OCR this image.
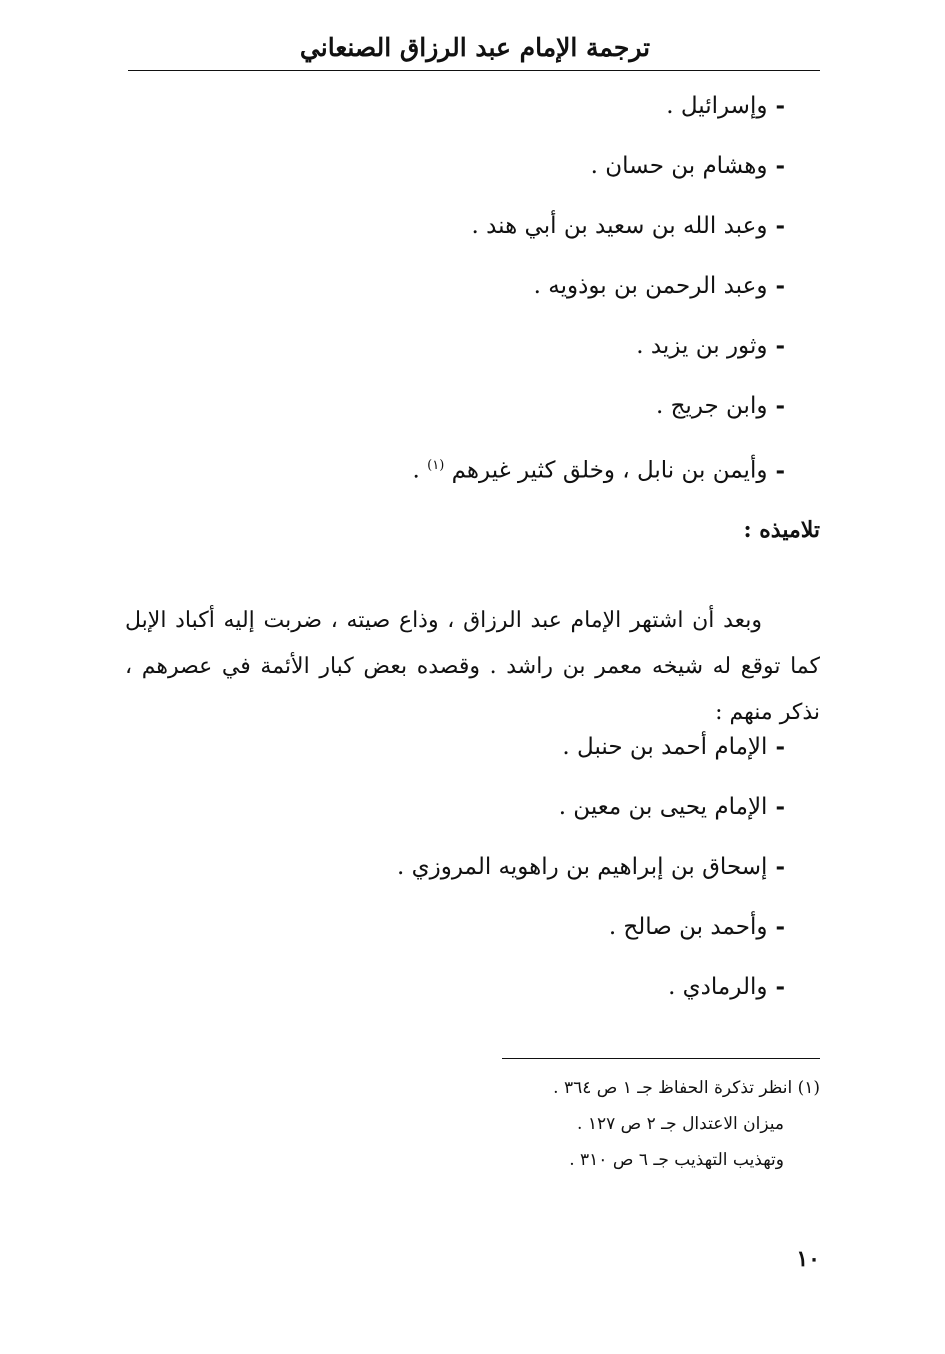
ترجمة الإمام عبد الرزاق الصنعاني
-وإسرائيل .
-وهشام بن حسان .
-وعبد الله بن سعيد بن أبي هند .
-وعبد الرحمن بن بوذويه .
-وثور بن يزيد .
-وابن جريج .
-وأيمن بن نابل ، وخلق كثير غيرهم $^{(١)}$ .
تلاميذه :

وبعد أن اشتهر الإمام عبد الرزاق ، وذاع صيته ، ضربت إليه أكباد الإبل كما توقع له شيخه معمر بن راشد . وقصده بعض كبار الأئمة في عصرهم ، نذكر منهم :

-الإمام أحمد بن حنبل .
-الإمام يحيى بن معين .
-إسحاق بن إبراهيم بن راهويه المروزي .
-وأحمد بن صالح .
-والرمادي .
(١) انظر تذكرة الحفاظ جـ ١ ص ٣٦٤ .
ميزان الاعتدال جـ ٢ ص ١٢٧ .
وتهذيب التهذيب جـ ٦ ص ٣١٠ .
١٠
